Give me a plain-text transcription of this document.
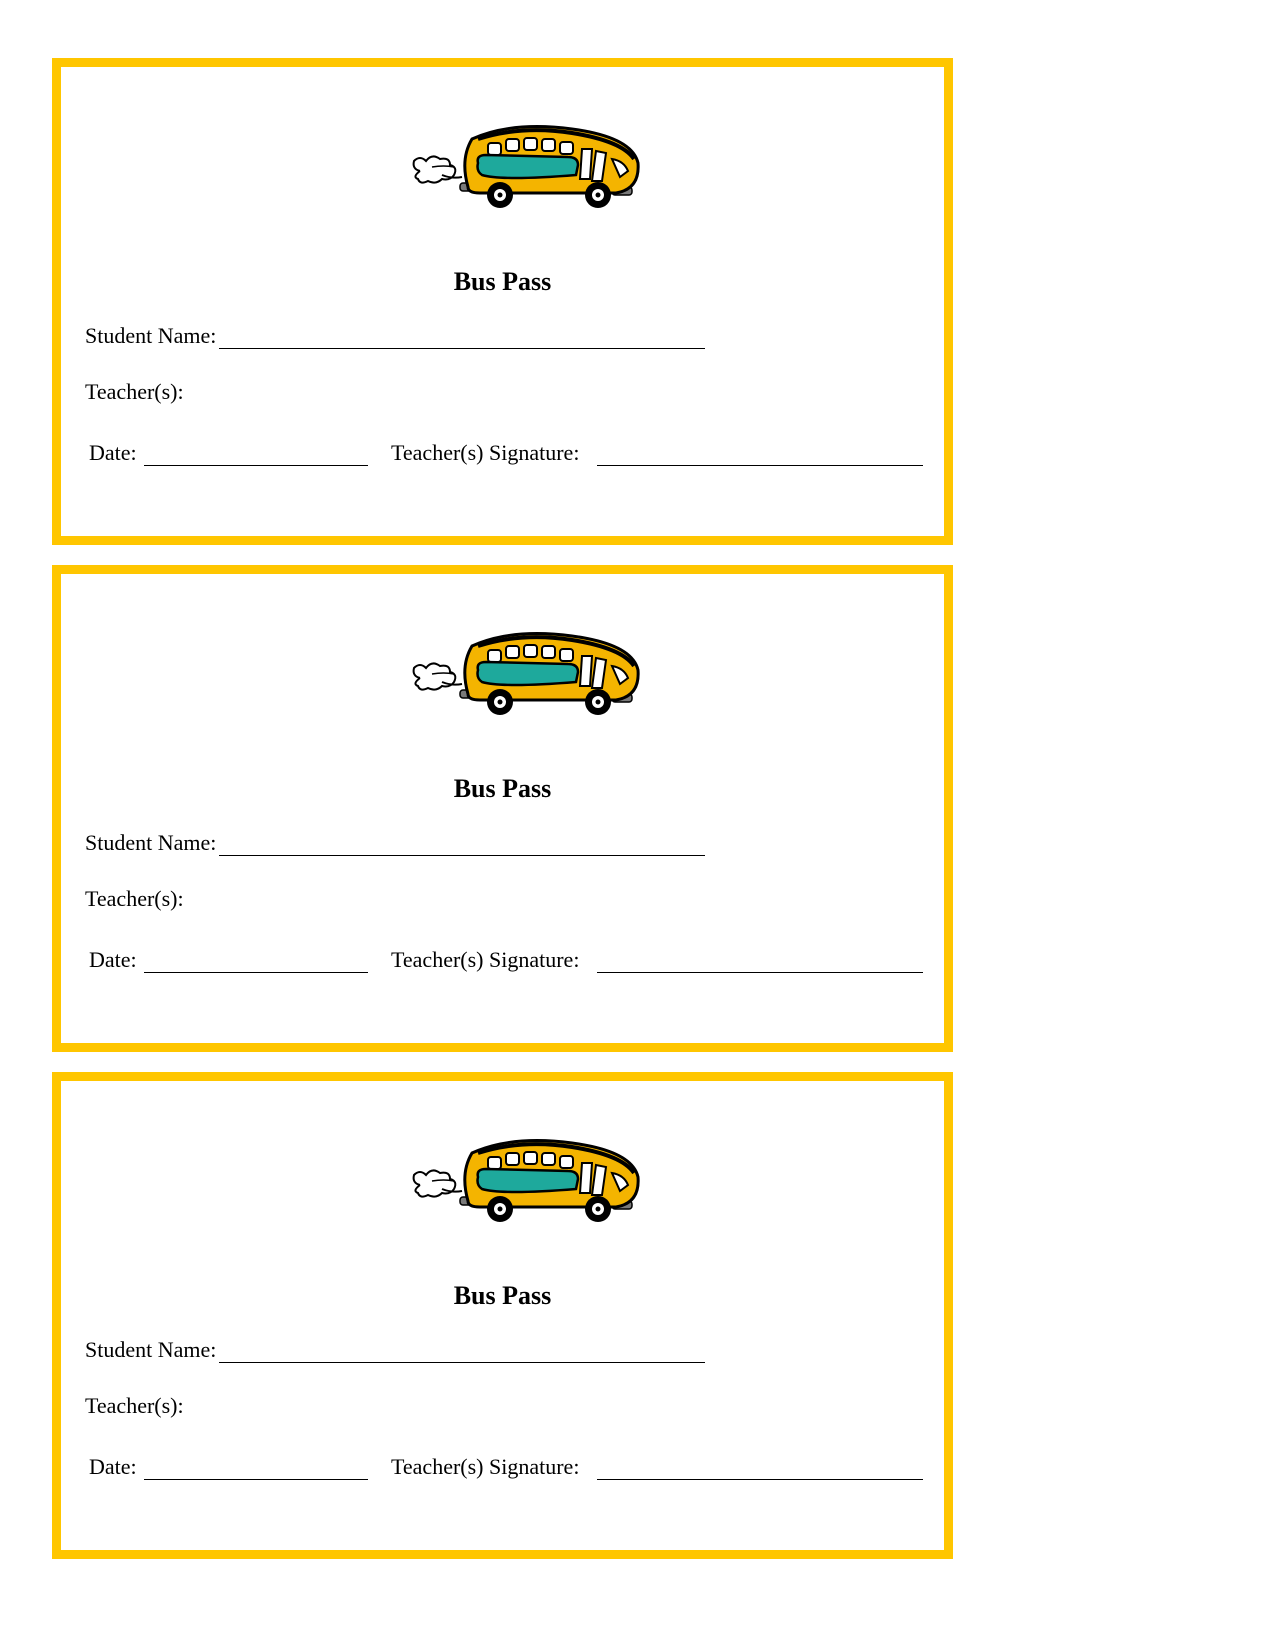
Bus Pass
Student Name:
Teacher(s):
Date:	Teacher(s) Signature:
Bus Pass
Student Name:
Teacher(s):
Date:	Teacher(s) Signature:
Bus Pass
Student Name:
Teacher(s):
Date:	Teacher(s) Signature:
